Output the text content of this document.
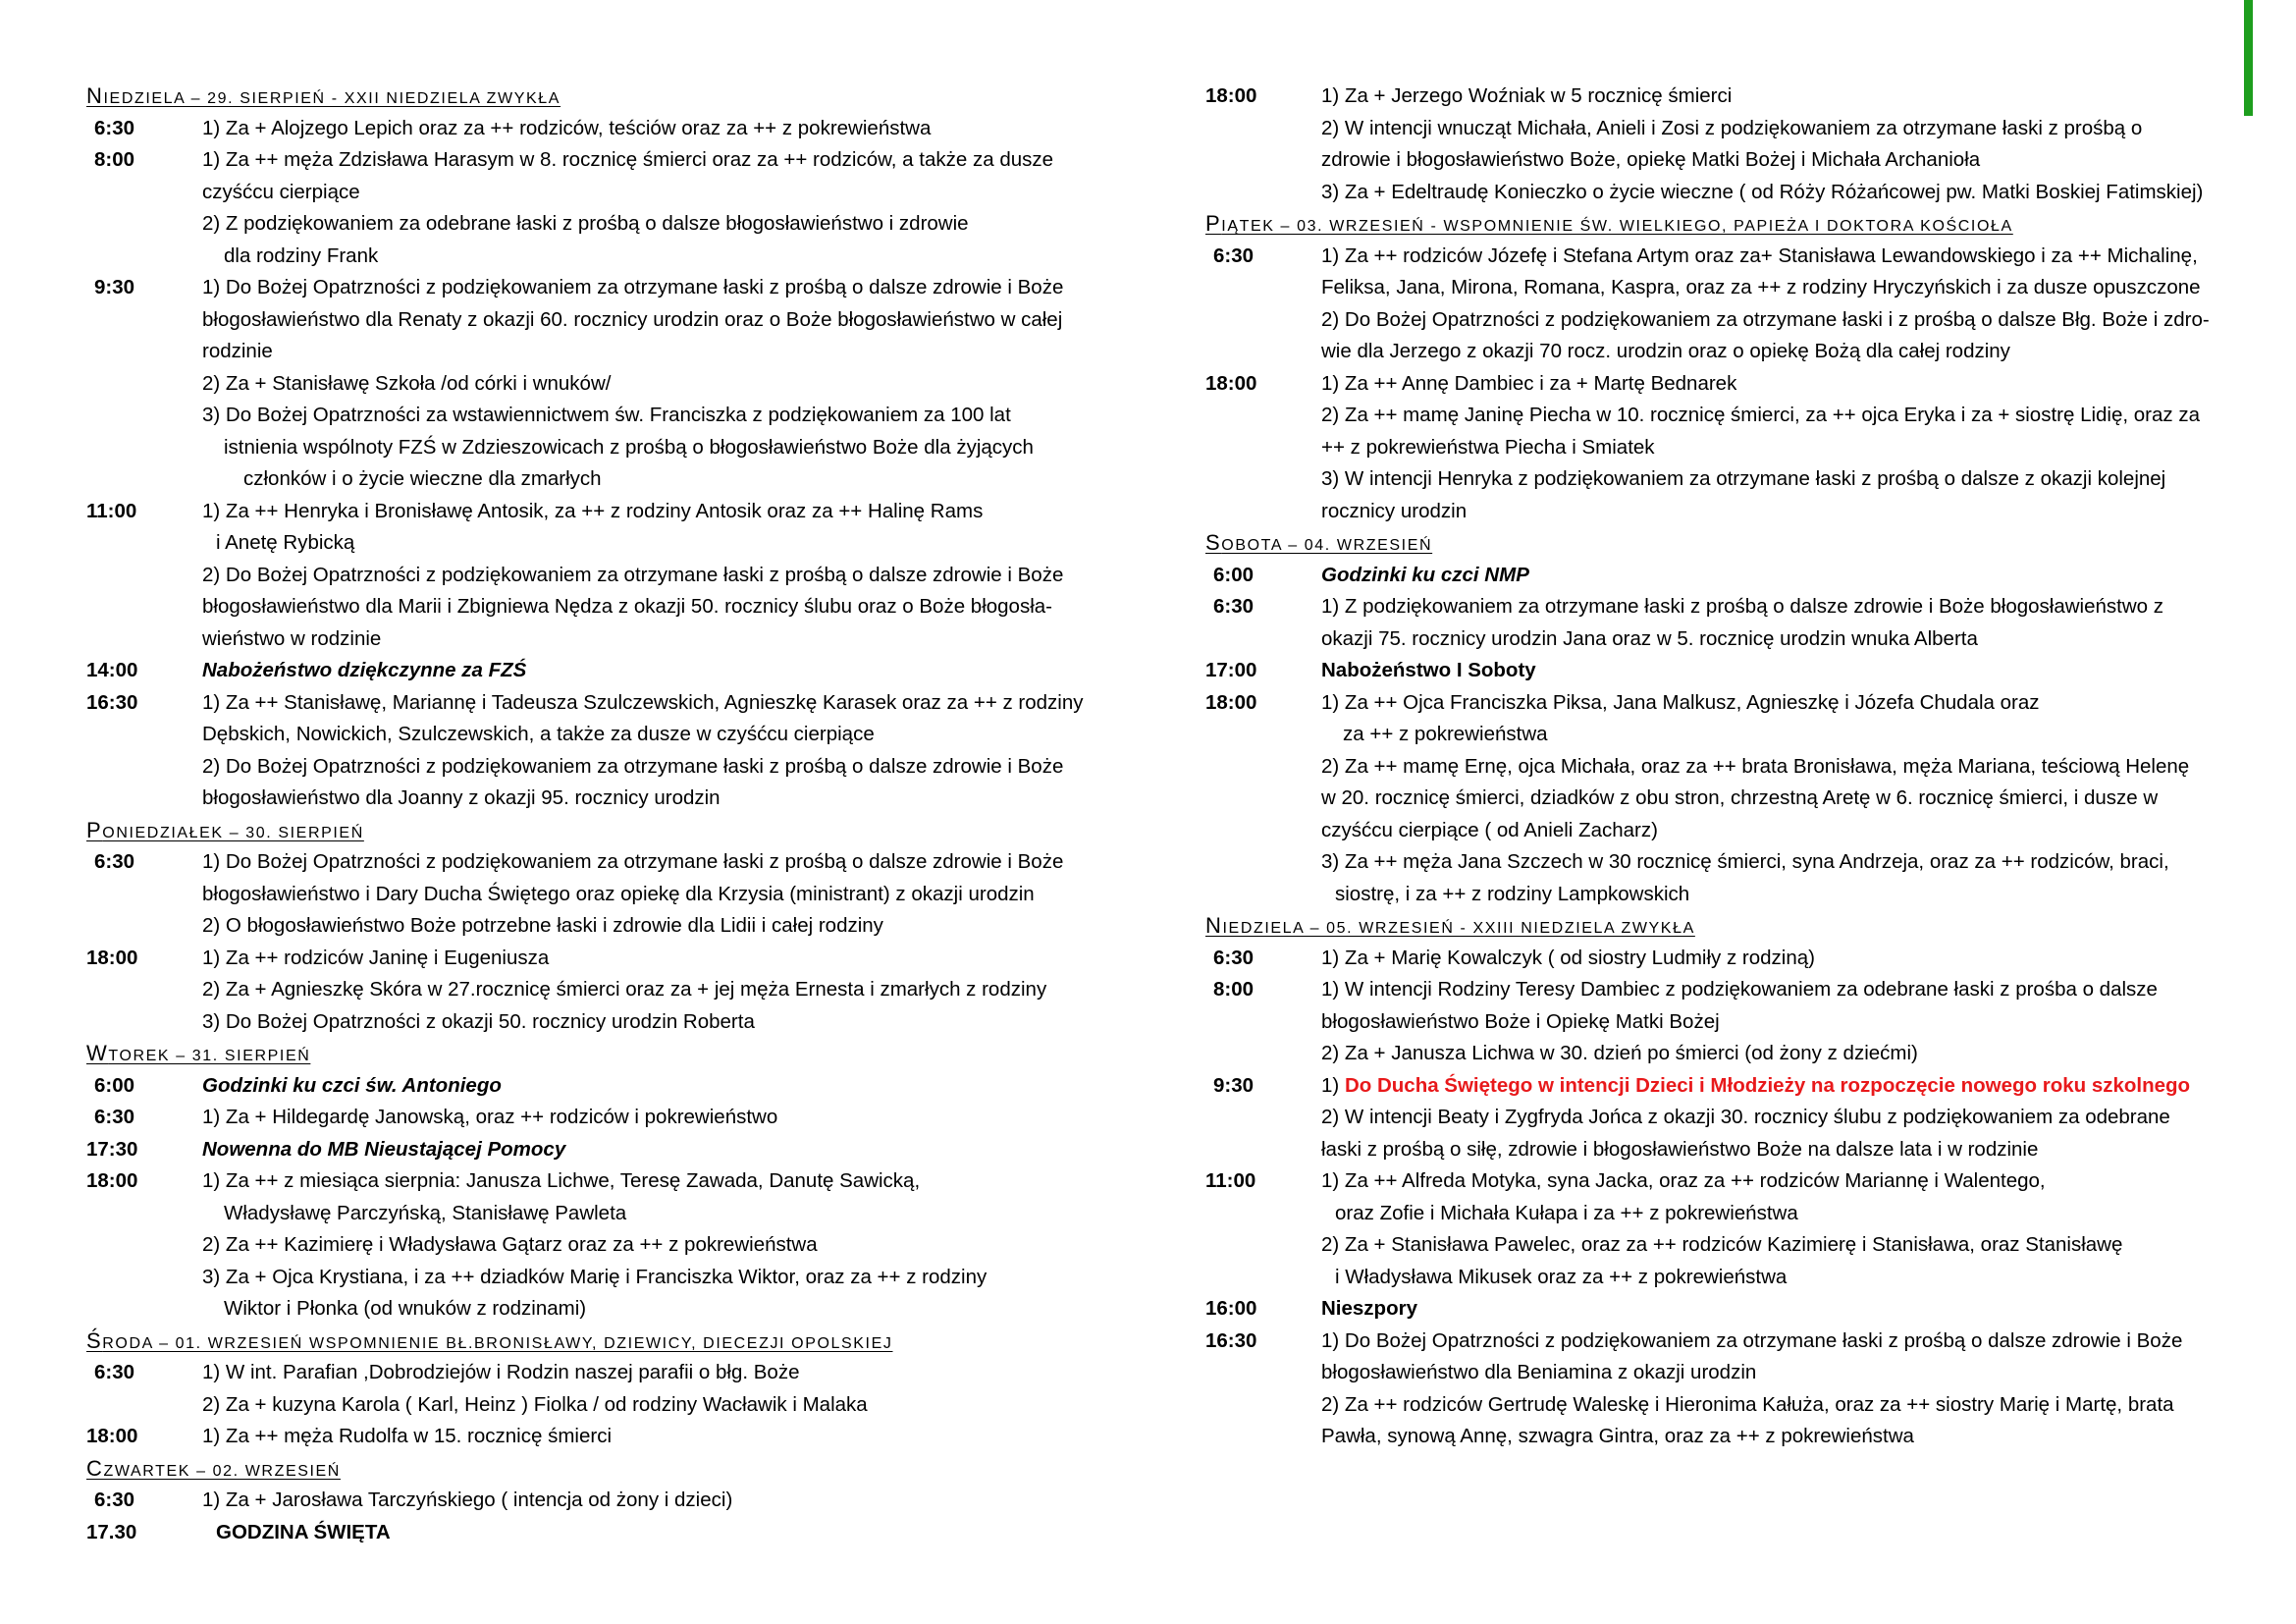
NIEDZIELA – 29. SIERPIEŃ - XXII NIEDZIELA ZWYKŁA
6:30	1) Za + Alojzego Lepich oraz za ++ rodziców, teściów oraz za ++ z pokrewieństwa
8:00	1) Za ++ męża Zdzisława Harasym w 8. rocznicę śmierci oraz za ++ rodziców, a także za dusze
czyśćcu cierpiące
2) Z podziękowaniem za odebrane łaski z prośbą o dalsze błogosławieństwo i zdrowie
dla rodziny Frank
9:30	1) Do Bożej Opatrzności z podziękowaniem za otrzymane łaski z prośbą o dalsze zdrowie i Boże
błogosławieństwo dla Renaty z okazji 60. rocznicy urodzin oraz o Boże błogosławieństwo w całej
rodzinie
2) Za + Stanisławę Szkoła /od córki i wnuków/
3) Do Bożej Opatrzności za wstawiennictwem św. Franciszka z podziękowaniem za 100 lat
istnienia wspólnoty FZŚ w Zdzieszowicach z prośbą o błogosławieństwo Boże dla żyjących
członków i o życie wieczne dla zmarłych
11:00	1) Za ++ Henryka i Bronisławę Antosik, za ++ z rodziny Antosik oraz za ++ Halinę Rams
i Anetę Rybicką
2) Do Bożej Opatrzności z podziękowaniem za otrzymane łaski z prośbą o dalsze zdrowie i Boże
błogosławieństwo dla Marii i Zbigniewa Nędza z okazji 50. rocznicy ślubu oraz o Boże błogosła-
wieństwo w rodzinie
14:00	Nabożeństwo dziękczynne za FZŚ
16:30	1) Za ++ Stanisławę, Mariannę i Tadeusza Szulczewskich, Agnieszkę Karasek oraz za ++ z rodziny
Dębskich, Nowickich, Szulczewskich, a także za dusze w czyśćcu cierpiące
2) Do Bożej Opatrzności z podziękowaniem za otrzymane łaski z prośbą o dalsze zdrowie i Boże
błogosławieństwo dla Joanny z okazji 95. rocznicy urodzin
PONIEDZIAŁEK – 30. SIERPIEŃ
6:30	1) Do Bożej Opatrzności z podziękowaniem za otrzymane łaski z prośbą o dalsze zdrowie i Boże
błogosławieństwo i Dary Ducha Świętego oraz opiekę dla Krzysia (ministrant) z okazji urodzin
2) O błogosławieństwo Boże potrzebne łaski i zdrowie dla Lidii i całej rodziny
18:00	1) Za ++ rodziców Janinę i Eugeniusza
2) Za + Agnieszkę Skóra w 27.rocznicę śmierci oraz za + jej męża Ernesta i zmarłych z rodziny
3) Do Bożej Opatrzności z okazji 50. rocznicy urodzin Roberta
WTOREK – 31. SIERPIEŃ
6:00	Godzinki ku czci św. Antoniego
6:30	1) Za + Hildegardę Janowską, oraz ++ rodziców i pokrewieństwo
17:30	Nowenna do MB Nieustającej Pomocy
18:00	1) Za ++ z miesiąca sierpnia: Janusza Lichwe, Teresę Zawada, Danutę Sawicką,
Władysławę Parczyńską, Stanisławę Pawleta
2) Za ++ Kazimierę i Władysława Gątarz oraz za ++ z pokrewieństwa
3) Za + Ojca Krystiana, i za ++ dziadków Marię i Franciszka Wiktor, oraz za ++ z rodziny
Wiktor i Płonka (od wnuków z rodzinami)
ŚRODA – 01. WRZESIEŃ WSPOMNIENIE BŁ.BRONISŁAWY, DZIEWICY, DIECEZJI OPOLSKIEJ
6:30	1) W int. Parafian ,Dobrodziejów i Rodzin naszej parafii o błg. Boże
2) Za + kuzyna Karola ( Karl, Heinz ) Fiolka / od rodziny Wacławik i Malaka
18:00	1) Za ++ męża Rudolfa w 15. rocznicę śmierci
CZWARTEK – 02. WRZESIEŃ
6:30	1) Za + Jarosława Tarczyńskiego ( intencja od żony i dzieci)
17.30	GODZINA ŚWIĘTA
18:00	1) Za + Jerzego Woźniak w 5 rocznicę śmierci
2) W intencji wnucząt Michała, Anieli i Zosi z podziękowaniem za otrzymane łaski z prośbą o
zdrowie i błogosławieństwo Boże, opiekę Matki Bożej i Michała Archanioła
3) Za + Edeltraudę Konieczko o życie wieczne ( od Róży Różańcowej pw. Matki Boskiej Fatimskiej)
PIĄTEK – 03. WRZESIEŃ - WSPOMNIENIE ŚW. WIELKIEGO, PAPIEŻA I DOKTORA KOŚCIOŁA
6:30	1) Za ++ rodziców Józefę i Stefana Artym oraz za+ Stanisława Lewandowskiego i za ++ Michalinę,
Feliksa, Jana, Mirona, Romana, Kaspra, oraz za ++ z rodziny Hryczyńskich i za dusze opuszczone
2) Do Bożej Opatrzności z podziękowaniem za otrzymane łaski i z prośbą o dalsze Błg. Boże i zdro-
wie dla Jerzego z okazji 70 rocz. urodzin oraz o opiekę Bożą dla całej rodziny
18:00	1) Za ++ Annę Dambiec i za + Martę Bednarek
2) Za ++ mamę Janinę Piecha w 10. rocznicę śmierci, za ++ ojca Eryka i za + siostrę Lidię, oraz za
++ z pokrewieństwa Piecha i Smiatek
3) W intencji Henryka z podziękowaniem za otrzymane łaski z prośbą o dalsze z okazji kolejnej
rocznicy urodzin
SOBOTA – 04. WRZESIEŃ
6:00	Godzinki ku czci NMP
6:30	1) Z podziękowaniem za otrzymane łaski z prośbą o dalsze zdrowie i Boże błogosławieństwo z
okazji 75. rocznicy urodzin Jana oraz w 5. rocznicę urodzin wnuka Alberta
17:00	Nabożeństwo I Soboty
18:00	1) Za ++ Ojca Franciszka Piksa, Jana Malkusz, Agnieszkę i Józefa Chudala oraz
za ++ z pokrewieństwa
2) Za ++ mamę Ernę, ojca Michała, oraz za ++ brata Bronisława, męża Mariana, teściową Helenę
w 20. rocznicę śmierci, dziadków z obu stron, chrzestną Aretę w 6. rocznicę śmierci, i dusze w
czyśćcu cierpiące ( od Anieli Zacharz)
3) Za ++ męża Jana Szczech w 30 rocznicę śmierci, syna Andrzeja, oraz za ++ rodziców, braci,
siostrę, i za ++ z rodziny Lampkowskich
NIEDZIELA – 05. WRZESIEŃ - XXIII NIEDZIELA ZWYKŁA
6:30	1) Za + Marię Kowalczyk ( od siostry Ludmiły z rodziną)
8:00	1) W intencji Rodziny Teresy Dambiec z podziękowaniem za odebrane łaski z prośba o dalsze
błogosławieństwo Boże i Opiekę Matki Bożej
2) Za + Janusza Lichwa w 30. dzień po śmierci (od żony z dziećmi)
9:30	1) Do Ducha Świętego w intencji Dzieci i Młodzieży na rozpoczęcie nowego roku szkolnego
2) W intencji Beaty i Zygfryda Jońca z okazji 30. rocznicy ślubu z podziękowaniem za odebrane
łaski z prośbą o siłę, zdrowie i błogosławieństwo Boże na dalsze lata i w rodzinie
11:00	1) Za ++ Alfreda Motyka, syna Jacka, oraz za ++ rodziców Mariannę i Walentego,
oraz Zofie i Michała Kułapa i za ++ z pokrewieństwa
2) Za + Stanisława Pawelec, oraz za ++ rodziców Kazimierę i Stanisława, oraz Stanisławę
i Władysława Mikusek oraz za ++ z pokrewieństwa
16:00	Nieszpory
16:30	1) Do Bożej Opatrzności z podziękowaniem za otrzymane łaski z prośbą o dalsze zdrowie i Boże
błogosławieństwo dla Beniamina z okazji urodzin
2) Za ++ rodziców Gertrudę Waleskę i Hieronima Kałuża, oraz za ++ siostry Marię i Martę, brata
Pawła, synową Annę, szwagra Gintra, oraz za ++ z pokrewieństwa
